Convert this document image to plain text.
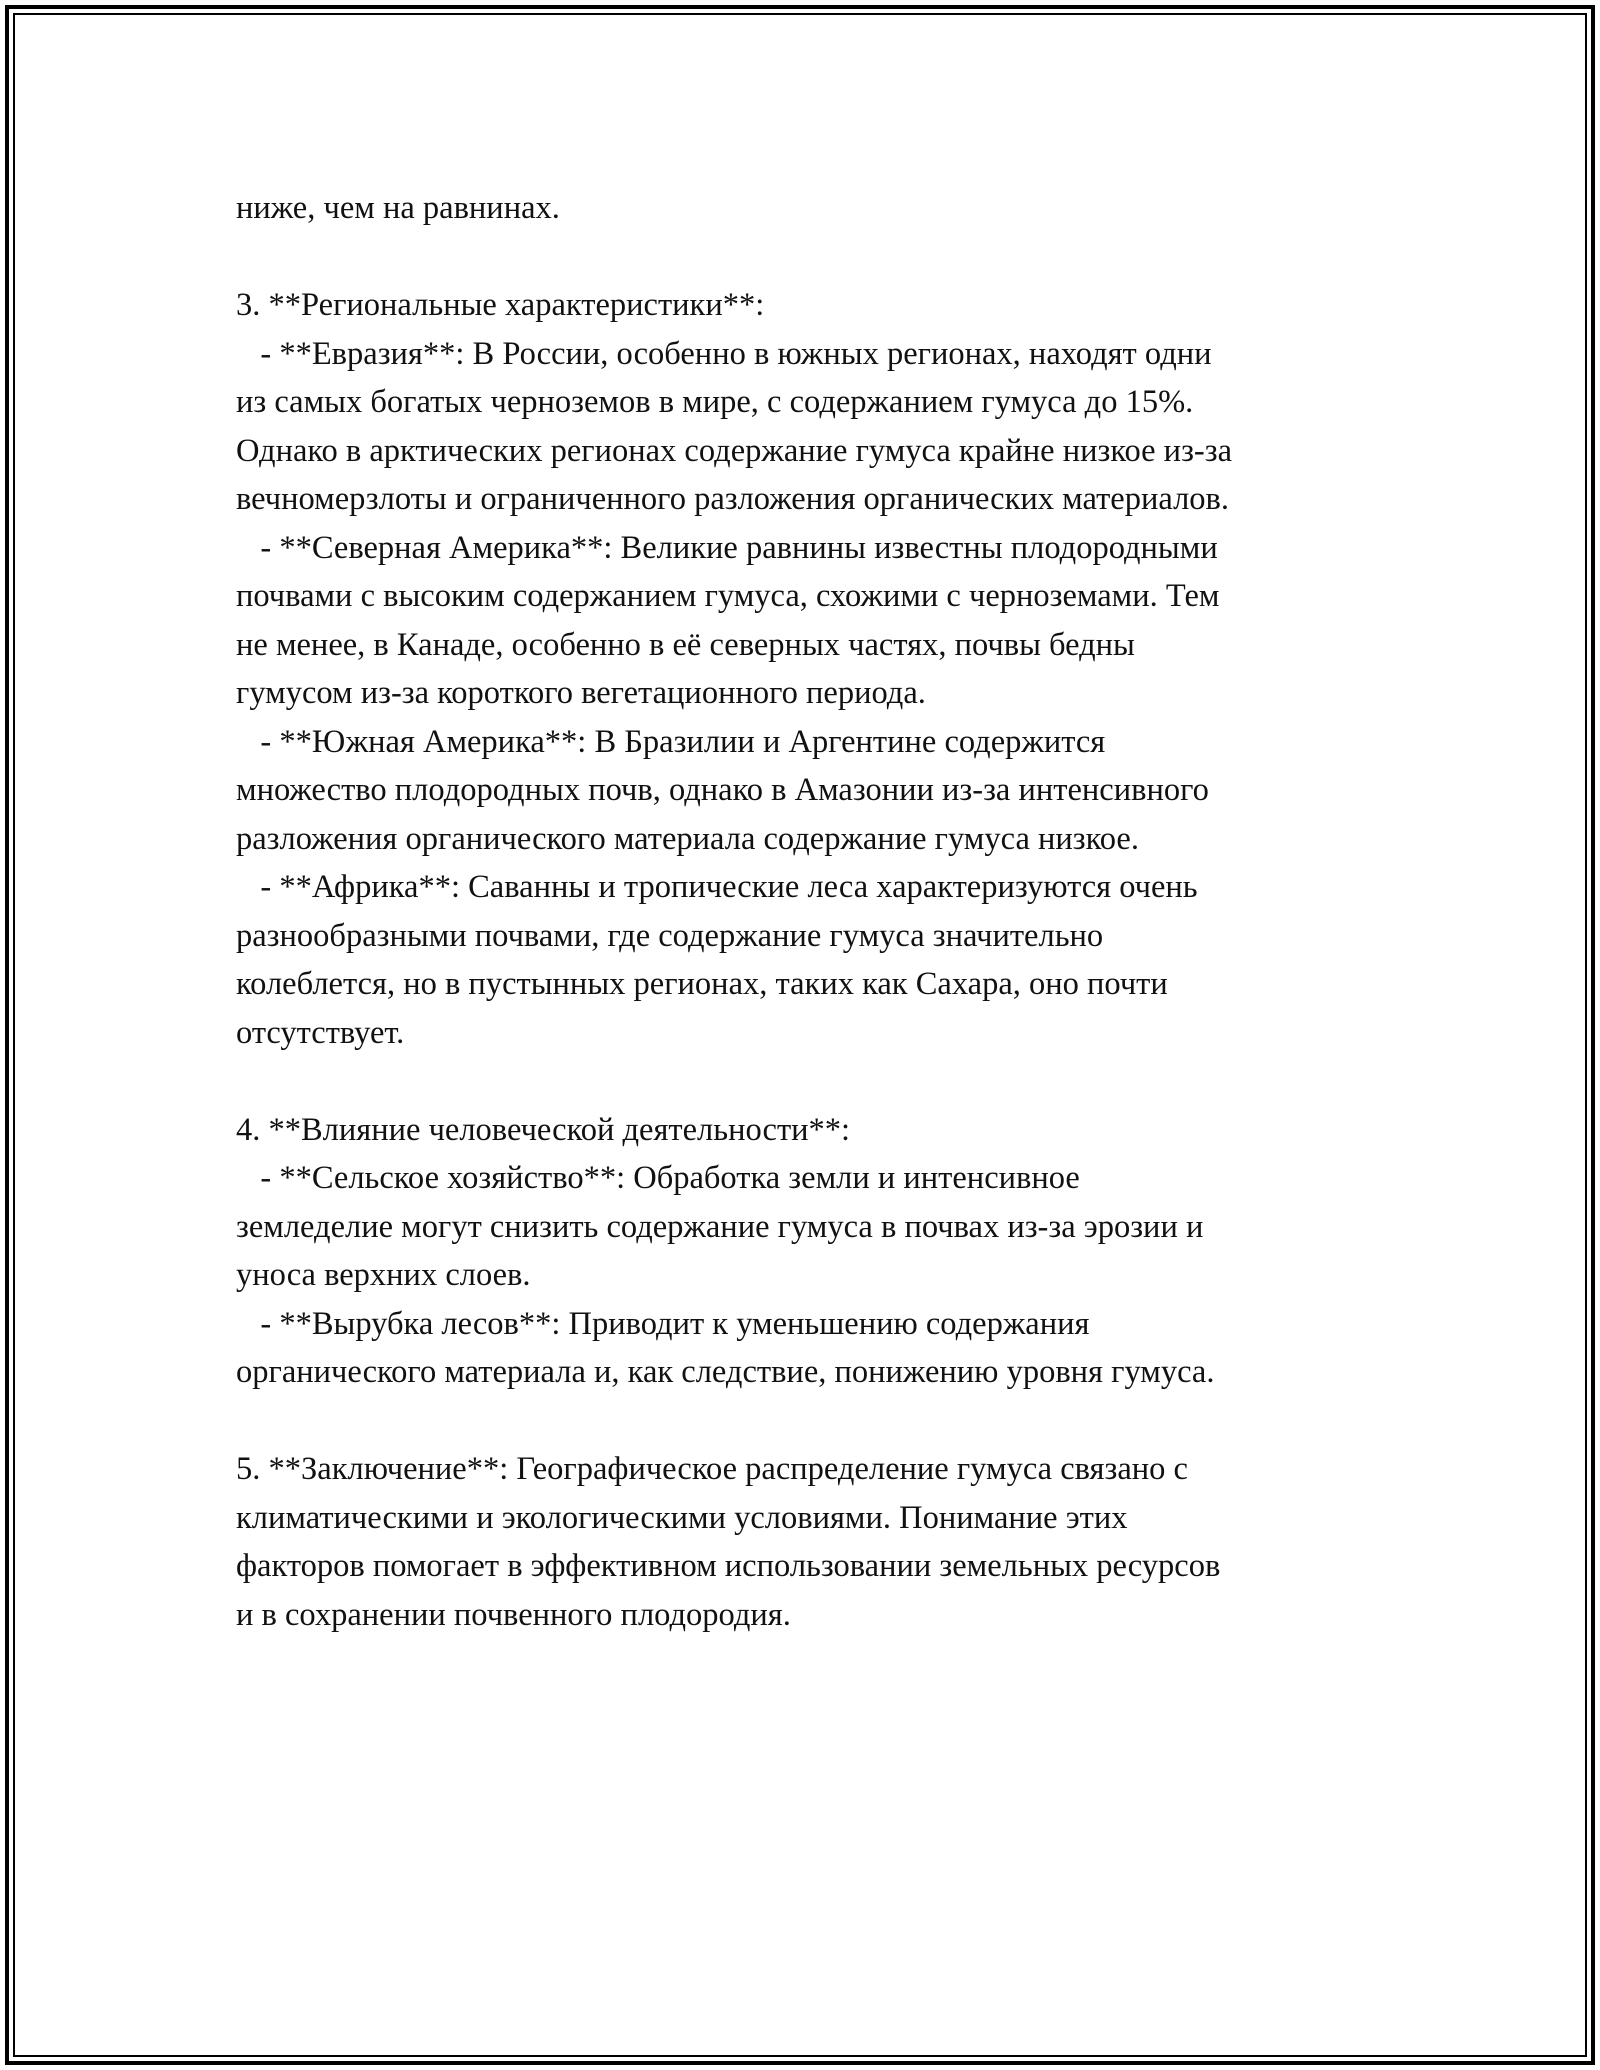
ниже, чем на равнинах.
3. **Региональные характеристики**:
- **Евразия**: В России, особенно в южных регионах, находят одни
из самых богатых черноземов в мире, с содержанием гумуса до 15%.
Однако в арктических регионах содержание гумуса крайне низкое из-за
вечномерзлоты и ограниченного разложения органических материалов.
- **Северная Америка**: Великие равнины известны плодородными
почвами с высоким содержанием гумуса, схожими с черноземами. Тем
не менее, в Канаде, особенно в её северных частях, почвы бедны
гумусом из-за короткого вегетационного периода.
- **Южная Америка**: В Бразилии и Аргентине содержится
множество плодородных почв, однако в Амазонии из-за интенсивного
разложения органического материала содержание гумуса низкое.
- **Африка**: Саванны и тропические леса характеризуются очень
разнообразными почвами, где содержание гумуса значительно
колеблется, но в пустынных регионах, таких как Сахара, оно почти
отсутствует.
4. **Влияние человеческой деятельности**:
- **Сельское хозяйство**: Обработка земли и интенсивное
земледелие могут снизить содержание гумуса в почвах из-за эрозии и
уноса верхних слоев.
- **Вырубка лесов**: Приводит к уменьшению содержания
органического материала и, как следствие, понижению уровня гумуса.
5. **Заключение**: Географическое распределение гумуса связано с
климатическими и экологическими условиями. Понимание этих
факторов помогает в эффективном использовании земельных ресурсов
и в сохранении почвенного плодородия.
